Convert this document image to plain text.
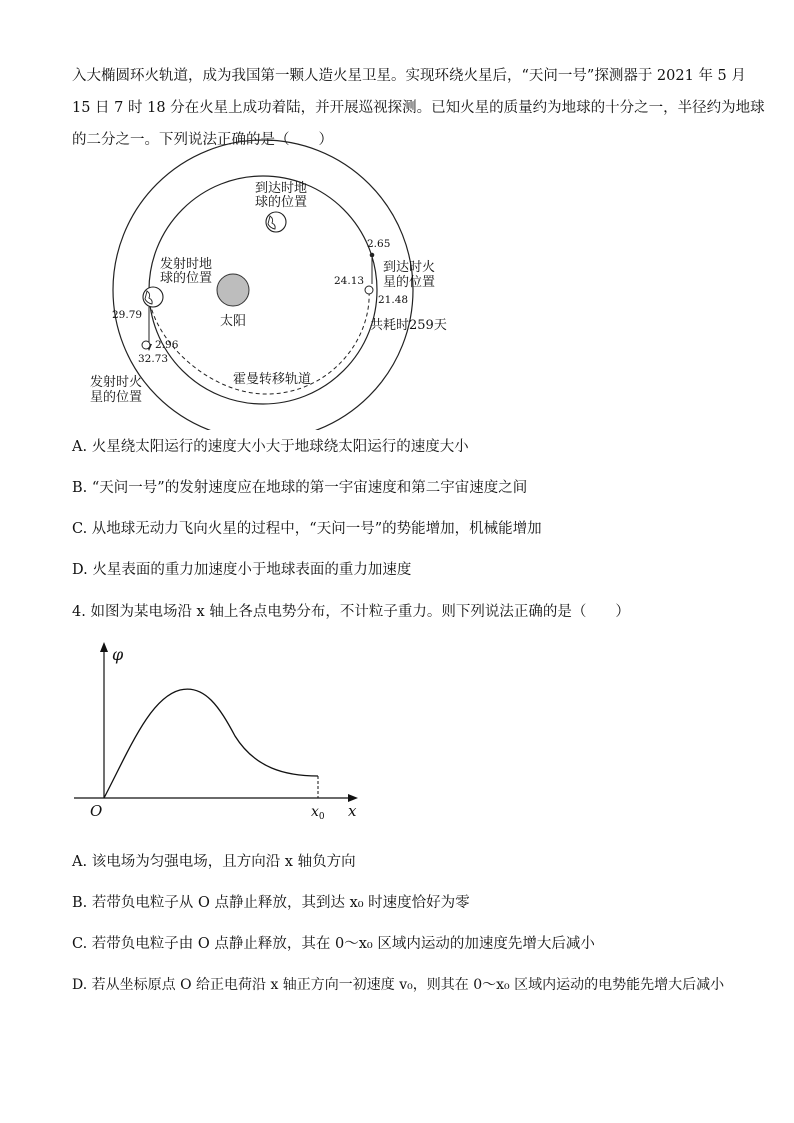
入大椭圆环火轨道，成为我国第一颗人造火星卫星。实现环绕火星后，“天问一号”探测器于 2021 年 5 月
15 日 7 时 18 分在火星上成功着陆，并开展巡视探测。已知火星的质量约为地球的十分之一，半径约为地球
的二分之一。下列说法正确的是（　　）
太阳
到达时地
球的位置
发射时地
球的位置
29.79
2.96
32.73
发射时火
星的位置
2.65
24.13
21.48
到达时火
星的位置
共耗时259天
霍曼转移轨道
A. 火星绕太阳运行的速度大小大于地球绕太阳运行的速度大小
B. “天问一号”的发射速度应在地球的第一宇宙速度和第二宇宙速度之间
C. 从地球无动力飞向火星的过程中，“天问一号”的势能增加，机械能增加
D. 火星表面的重力加速度小于地球表面的重力加速度
4. 如图为某电场沿 x 轴上各点电势分布，不计粒子重力。则下列说法正确的是（　　）
φ
x
O	$x_0$
A. 该电场为匀强电场，且方向沿 x 轴负方向
B. 若带负电粒子从 O 点静止释放，其到达 x₀ 时速度恰好为零
C. 若带负电粒子由 O 点静止释放，其在 0～x₀ 区域内运动的加速度先增大后减小
D. 若从坐标原点 O 给正电荷沿 x 轴正方向一初速度 v₀，则其在 0～x₀ 区域内运动的电势能先增大后减小
